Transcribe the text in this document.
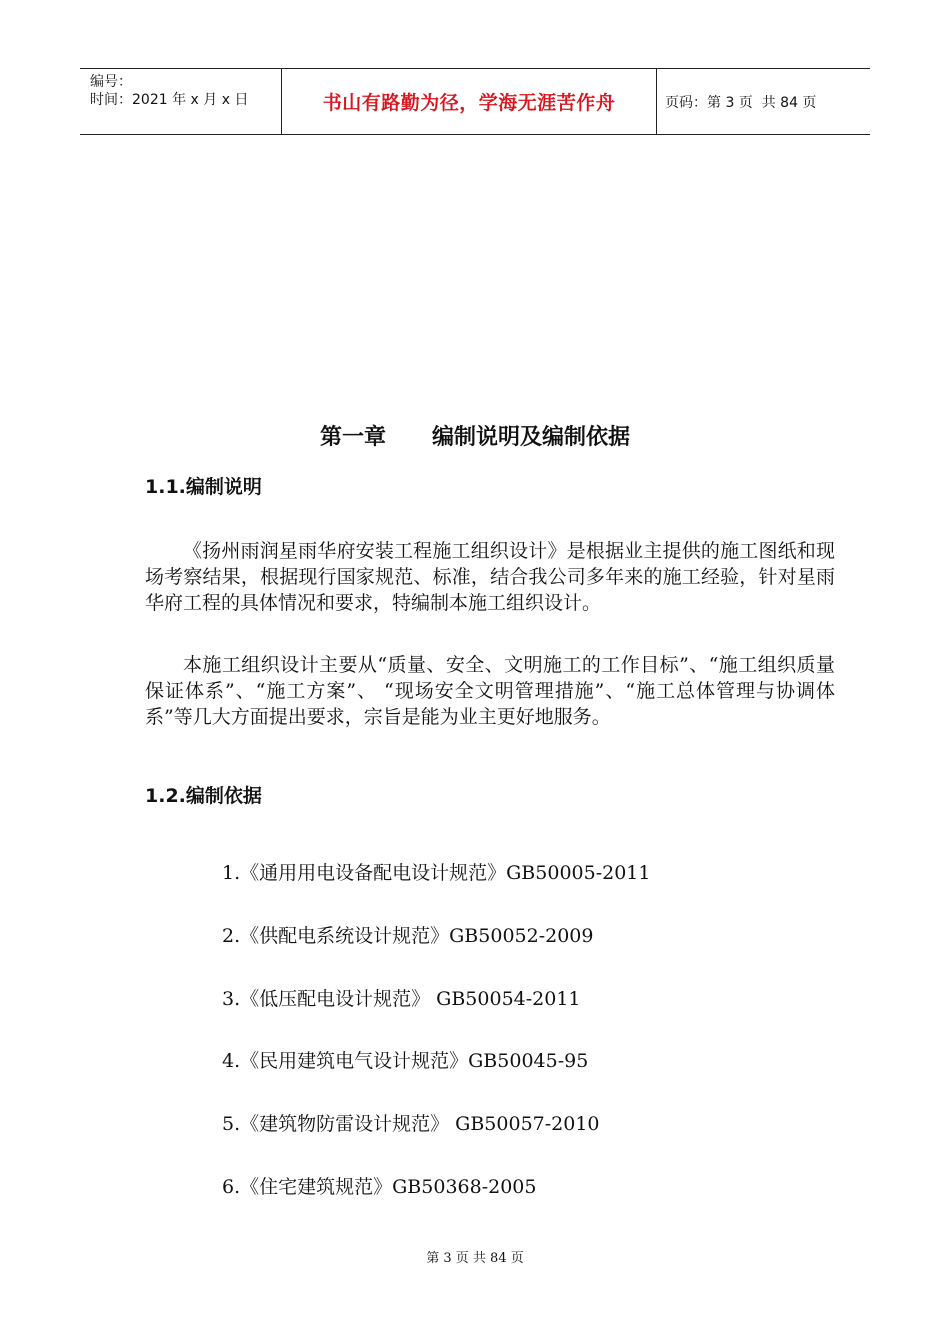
编号：
时间：2021 年 x 月 x 日	书山有路勤为径，学海无涯苦作舟	页码：第 3 页  共 84 页
第一章      编制说明及编制依据
1.1.编制说明
《扬州雨润星雨华府安装工程施工组织设计》是根据业主提供的施工图纸和现场考察结果，根据现行国家规范、标准，结合我公司多年来的施工经验，针对星雨华府工程的具体情况和要求，特编制本施工组织设计。
本施工组织设计主要从“质量、安全、文明施工的工作目标”、“施工组织质量保证体系”、“施工方案”、 “现场安全文明管理措施”、“施工总体管理与协调体系”等几大方面提出要求，宗旨是能为业主更好地服务。
1.2.编制依据
1.《通用用电设备配电设计规范》GB50005-2011
2.《供配电系统设计规范》GB50052-2009
3.《低压配电设计规范》 GB50054-2011
4.《民用建筑电气设计规范》GB50045-95
5.《建筑物防雷设计规范》 GB50057-2010
6.《住宅建筑规范》GB50368-2005
第 3 页 共 84 页
